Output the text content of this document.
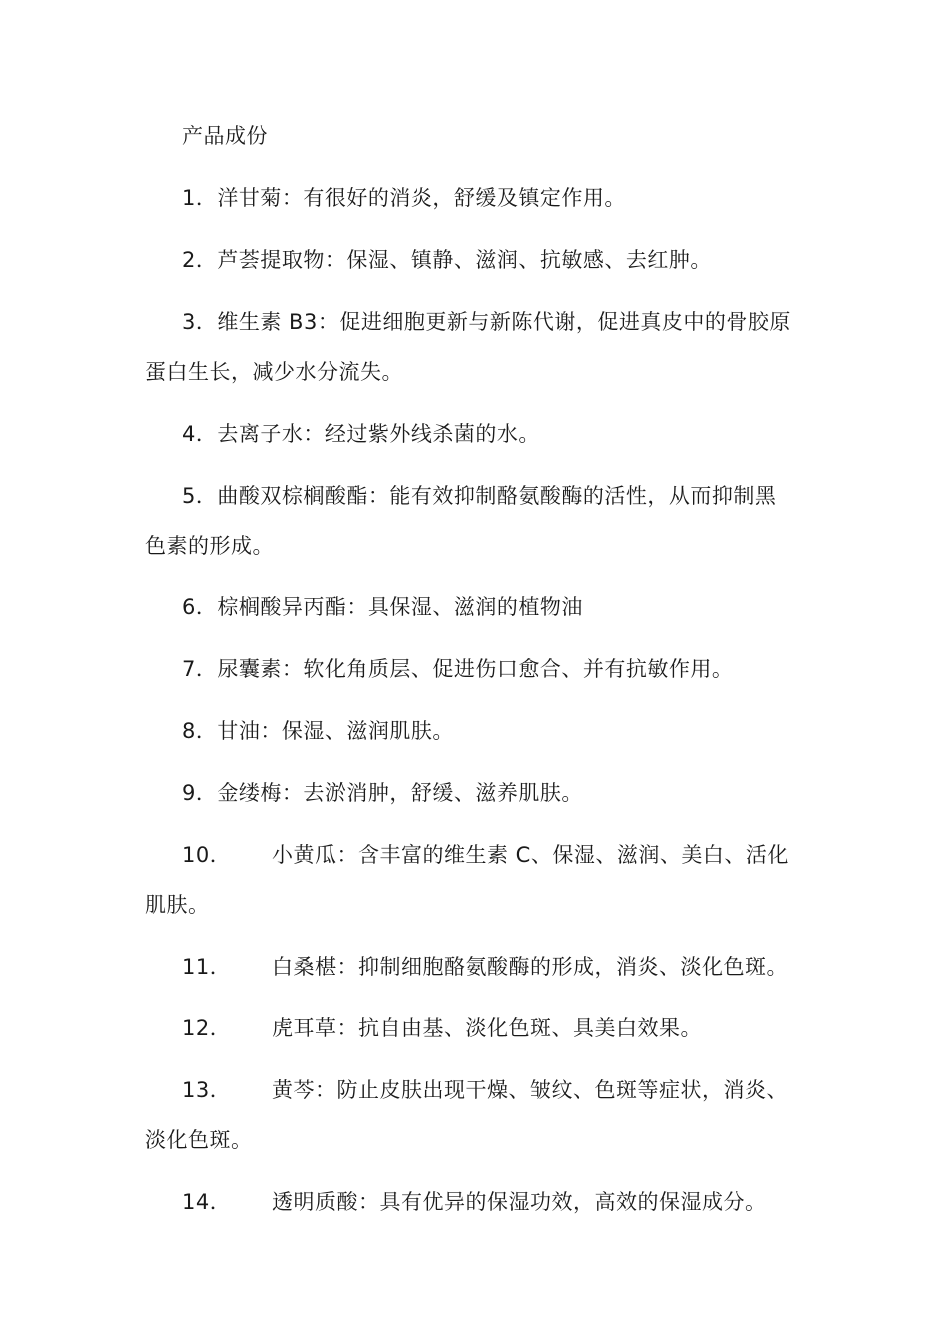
产品成份
1．洋甘菊：有很好的消炎，舒缓及镇定作用。
2．芦荟提取物：保湿、镇静、滋润、抗敏感、去红肿。
3．维生素 B3：促进细胞更新与新陈代谢，促进真皮中的骨胶原
蛋白生长，减少水分流失。
4．去离子水：经过紫外线杀菌的水。
5．曲酸双棕榈酸酯：能有效抑制酪氨酸酶的活性，从而抑制黑
色素的形成。
6．棕榈酸异丙酯：具保湿、滋润的植物油
7．尿囊素：软化角质层、促进伤口愈合、并有抗敏作用。
8．甘油：保湿、滋润肌肤。
9．金缕梅：去淤消肿，舒缓、滋养肌肤。
10． 小黄瓜：含丰富的维生素 C、保湿、滋润、美白、活化
肌肤。
11． 白桑椹：抑制细胞酪氨酸酶的形成，消炎、淡化色斑。
12． 虎耳草：抗自由基、淡化色斑、具美白效果。
13． 黄芩：防止皮肤出现干燥、皱纹、色斑等症状，消炎、
淡化色斑。
14． 透明质酸：具有优异的保湿功效，高效的保湿成分。
